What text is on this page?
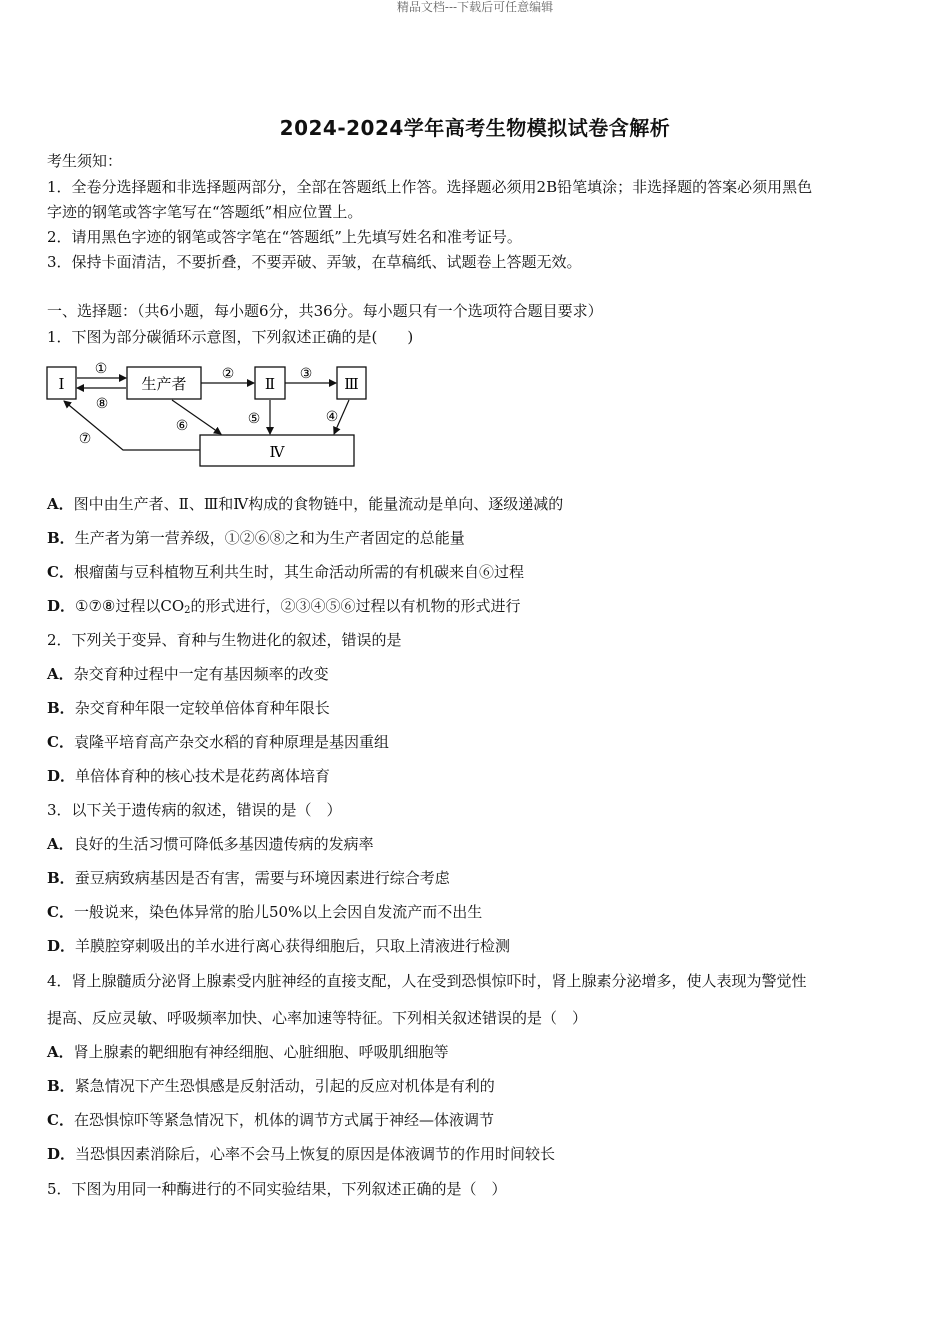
精品文档---下载后可任意编辑
2024-2024学年高考生物模拟试卷含解析
考生须知：
1．全卷分选择题和非选择题两部分，全部在答题纸上作答。选择题必须用2B铅笔填涂；非选择题的答案必须用黑色
字迹的钢笔或答字笔写在“答题纸”相应位置上。
2．请用黑色字迹的钢笔或答字笔在“答题纸”上先填写姓名和准考证号。
3．保持卡面清洁，不要折叠，不要弄破、弄皱，在草稿纸、试题卷上答题无效。
一、选择题：（共6小题，每小题6分，共36分。每小题只有一个选项符合题目要求）
1．下图为部分碳循环示意图，下列叙述正确的是(　　)
Ⅰ	生产者	Ⅱ	Ⅲ
Ⅳ
①
⑧
②	③
⑤	④
⑥
⑦
A．图中由生产者、Ⅱ、Ⅲ和Ⅳ构成的食物链中，能量流动是单向、逐级递减的
B．生产者为第一营养级，①②⑥⑧之和为生产者固定的总能量
C．根瘤菌与豆科植物互利共生时，其生命活动所需的有机碳来自⑥过程
D．①⑦⑧过程以$CO_2$的形式进行，②③④⑤⑥过程以有机物的形式进行
2．下列关于变异、育种与生物进化的叙述，错误的是
A．杂交育种过程中一定有基因频率的改变
B．杂交育种年限一定较单倍体育种年限长
C．袁隆平培育高产杂交水稻的育种原理是基因重组
D．单倍体育种的核心技术是花药离体培育
3．以下关于遗传病的叙述，错误的是（　）
A．良好的生活习惯可降低多基因遗传病的发病率
B．蚕豆病致病基因是否有害，需要与环境因素进行综合考虑
C．一般说来，染色体异常的胎儿50%以上会因自发流产而不出生
D．羊膜腔穿刺吸出的羊水进行离心获得细胞后，只取上清液进行检测
4．肾上腺髓质分泌肾上腺素受内脏神经的直接支配，人在受到恐惧惊吓时，肾上腺素分泌增多，使人表现为警觉性
提高、反应灵敏、呼吸频率加快、心率加速等特征。下列相关叙述错误的是（　）
A．肾上腺素的靶细胞有神经细胞、心脏细胞、呼吸肌细胞等
B．紧急情况下产生恐惧感是反射活动，引起的反应对机体是有利的
C．在恐惧惊吓等紧急情况下，机体的调节方式属于神经—体液调节
D．当恐惧因素消除后，心率不会马上恢复的原因是体液调节的作用时间较长
5．下图为用同一种酶进行的不同实验结果，下列叙述正确的是（　）
